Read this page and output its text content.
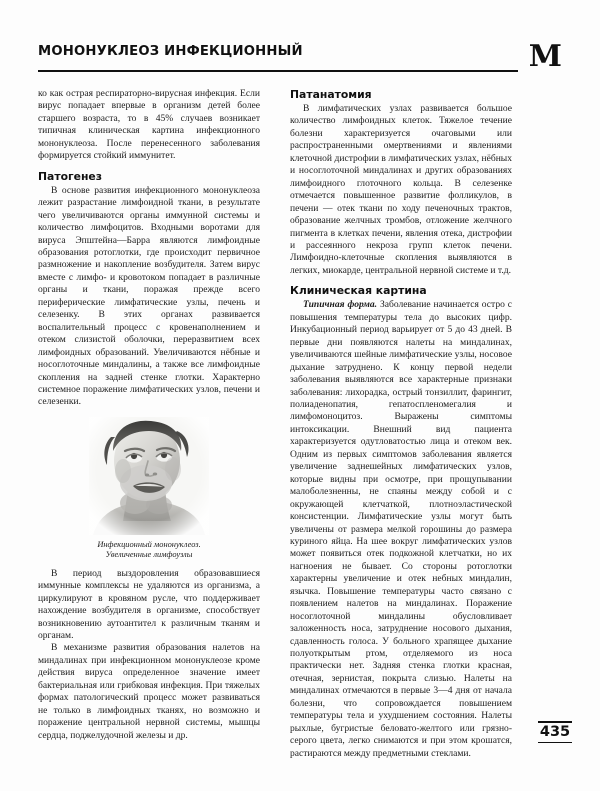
МОНОНУКЛЕОЗ ИНФЕКЦИОННЫЙ	М

ко как острая респираторно-вирусная инфекция. Если вирус попадает впервые в организм детей более старшего возраста, то в 45% случаев возникает типичная клиническая картина инфекционного мононуклеоза. После перенесенного заболевания формируется стойкий иммунитет.

Патогенез

В основе развития инфекционного мононуклеоза лежит разрастание лимфоидной ткани, в результате чего увеличиваются органы иммунной системы и количество лимфоцитов. Входными воротами для вируса Эпштейна—Барра являются лимфоидные образования ротоглотки, где происходит первичное размножение и накопление возбудителя. Затем вирус вместе с лимфо- и кровотоком попадает в различные органы и ткани, поражая прежде всего периферические лимфатические узлы, печень и селезенку. В этих органах развивается воспалительный процесс с кровенаполнением и отеком слизистой оболочки, переразвитием всех лимфоидных образований. Увеличиваются нёбные и носоглоточные миндалины, а также все лимфоидные скопления на задней стенке глотки. Характерно системное поражение лимфатических узлов, печени и селезенки.

Инфекционный мононуклеоз.
Увеличенные лимфоузлы

В период выздоровления образовавшиеся иммунные комплексы не удаляются из организма, а циркулируют в кровяном русле, что поддерживает нахождение возбудителя в организме, способствует возникновению аутоантител к различным тканям и органам.

В механизме развития образования налетов на миндалинах при инфекционном мононуклеозе кроме действия вируса определенное значение имеет бактериальная или грибковая инфекция. При тяжелых формах патологический процесс может развиваться не только в лимфоидных тканях, но возможно и поражение центральной нервной системы, мышцы сердца, поджелудочной железы и др.

Патанатомия

В лимфатических узлах развивается большое количество лимфоидных клеток. Тяжелое течение болезни характеризуется очаговыми или распространенными омертвениями и явлениями клеточной дистрофии в лимфатических узлах, нёбных и носоглоточной миндалинах и других образованиях лимфоидного глоточного кольца. В селезенке отмечается повышенное развитие фолликулов, в печени — отек ткани по ходу печеночных трактов, образование желчных тромбов, отложение желчного пигмента в клетках печени, явления отека, дистрофии и рассеянного некроза групп клеток печени. Лимфоидно-клеточные скопления выявляются в легких, миокарде, центральной нервной системе и т.д.

Клиническая картина

Типичная форма. Заболевание начинается остро с повышения температуры тела до высоких цифр. Инкубационный период варьирует от 5 до 43 дней. В первые дни появляются налеты на миндалинах, увеличиваются шейные лимфатические узлы, носовое дыхание затруднено. К концу первой недели заболевания выявляются все характерные признаки заболевания: лихорадка, острый тонзиллит, фарингит, полиаденопатия, гепатоспленомегалия и лимфомоноцитоз. Выражены симптомы интоксикации. Внешний вид пациента характеризуется одутловатостью лица и отеком век. Одним из первых симптомов заболевания является увеличение заднешейных лимфатических узлов, которые видны при осмотре, при прощупывании малоболезненны, не спаяны между собой и с окружающей клетчаткой, плотноэластической консистенции. Лимфатические узлы могут быть увеличены от размера мелкой горошины до размера куриного яйца. На шее вокруг лимфатических узлов может появиться отек подкожной клетчатки, но их нагноения не бывает. Со стороны ротоглотки характерны увеличение и отек небных миндалин, язычка. Повышение температуры часто связано с появлением налетов на миндалинах. Поражение носоглоточной миндалины обусловливает заложенность носа, затруднение носового дыхания, сдавленность голоса. У больного храпящее дыхание полуоткрытым ртом, отделяемого из носа практически нет. Задняя стенка глотки красная, отечная, зернистая, покрыта слизью. Налеты на миндалинах отмечаются в первые 3—4 дня от начала болезни, что сопровождается повышением температуры тела и ухудшением состояния. Налеты рыхлые, бугристые беловато-желтого или грязно-серого цвета, легко снимаются и при этом крошатся, растираются между предметными стеклами.

435
